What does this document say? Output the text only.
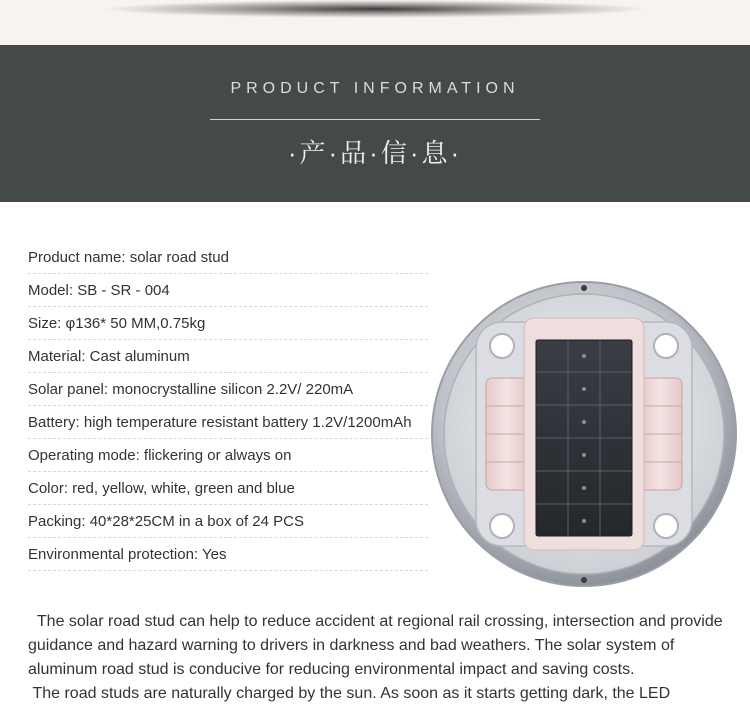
PRODUCT INFORMATION
·产·品·信·息·
Product name: solar road stud
Model: SB - SR - 004
Size: φ136* 50 MM,0.75kg
Material: Cast aluminum
Solar panel: monocrystalline silicon 2.2V/ 220mA
Battery: high temperature resistant battery 1.2V/1200mAh
Operating mode: flickering or always on
Color: red, yellow, white, green and blue
Packing: 40*28*25CM in a box of 24 PCS
Environmental protection: Yes

The solar road stud can help to reduce accident at regional rail crossing, intersection and provide guidance and hazard warning to drivers in darkness and bad weathers. The solar system of aluminum road stud is conducive for reducing environmental impact and saving costs.

The road studs are naturally charged by the sun. As soon as it starts getting dark, the LED
